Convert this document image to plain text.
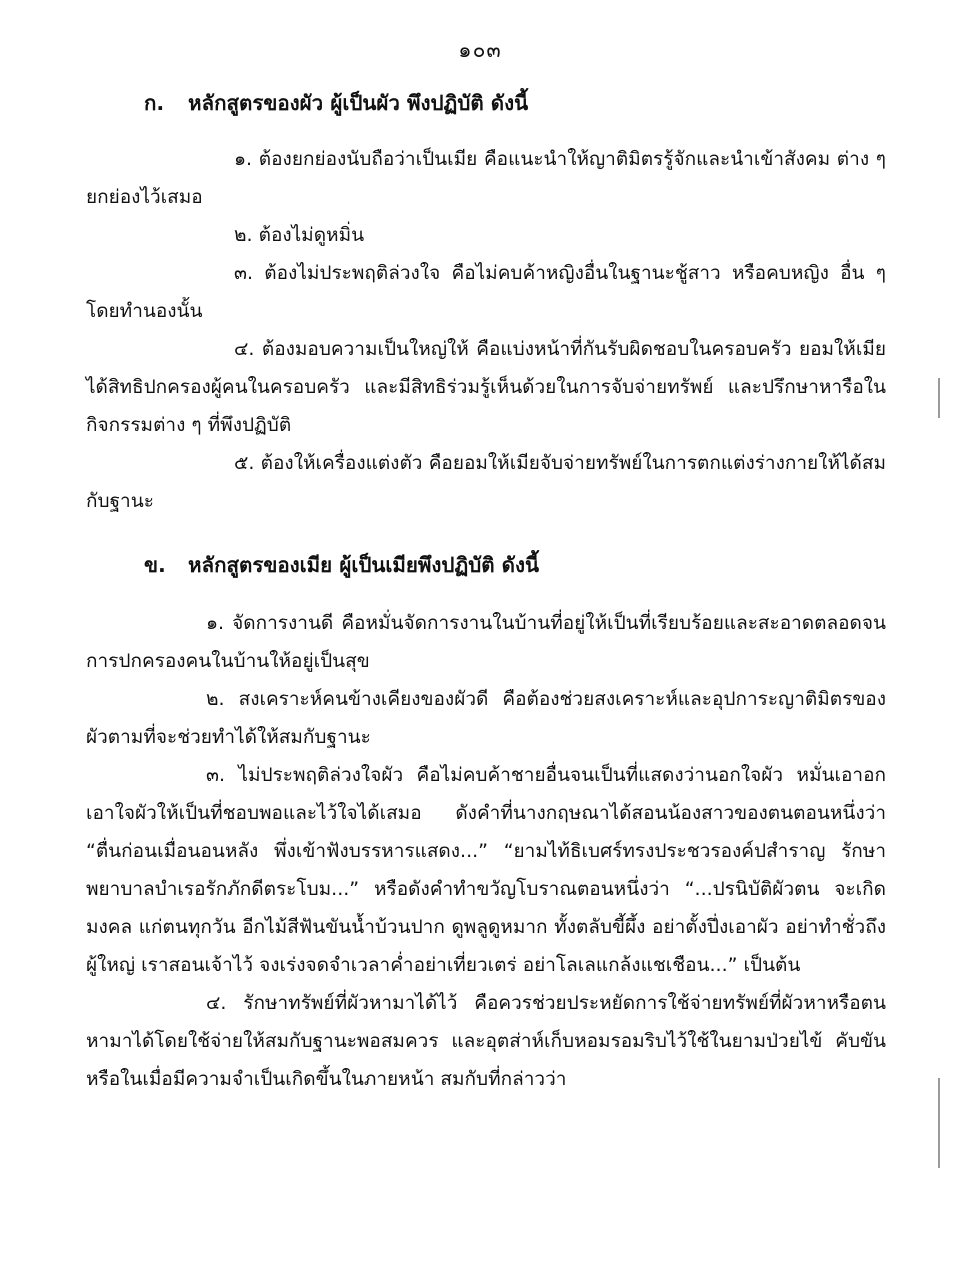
๑๐๓
ก. หลักสูตรของผัว ผู้เป็นผัว พึงปฏิบัติ ดังนี้

๑. ต้องยกย่องนับถือว่าเป็นเมีย คือแนะนำให้ญาติมิตรรู้จักและนำเข้าสังคม ต่าง ๆ ยกย่องไว้เสมอ

๒. ต้องไม่ดูหมิ่น

๓. ต้องไม่ประพฤติล่วงใจ คือไม่คบค้าหญิงอื่นในฐานะชู้สาว หรือคบหญิง อื่น ๆ โดยทำนองนั้น

๔. ต้องมอบความเป็นใหญ่ให้ คือแบ่งหน้าที่กันรับผิดชอบในครอบครัว ยอมให้เมียได้สิทธิปกครองผู้คนในครอบครัว และมีสิทธิร่วมรู้เห็นด้วยในการจับจ่ายทรัพย์ และปรึกษาหารือในกิจกรรมต่าง ๆ ที่พึงปฏิบัติ

๕. ต้องให้เครื่องแต่งตัว คือยอมให้เมียจับจ่ายทรัพย์ในการตกแต่งร่างกายให้ได้สมกับฐานะ

ข. หลักสูตรของเมีย ผู้เป็นเมียพึงปฏิบัติ ดังนี้

๑. จัดการงานดี คือหมั่นจัดการงานในบ้านที่อยู่ให้เป็นที่เรียบร้อยและสะอาดตลอดจนการปกครองคนในบ้านให้อยู่เป็นสุข

๒. สงเคราะห์คนข้างเคียงของผัวดี คือต้องช่วยสงเคราะห์และอุปการะญาติมิตรของผัวตามที่จะช่วยทำได้ให้สมกับฐานะ

๓. ไม่ประพฤติล่วงใจผัว คือไม่คบค้าชายอื่นจนเป็นที่แสดงว่านอกใจผัว หมั่นเอาอกเอาใจผัวให้เป็นที่ชอบพอและไว้ใจได้เสมอ ดังคำที่นางกฤษณาได้สอนน้องสาวของตนตอนหนึ่งว่า “ตื่นก่อนเมื่อนอนหลัง พึ่งเข้าฟังบรรหารแสดง...” “ยามไท้ธิเบศร์ทรงประชวรองค์ปสำราญ รักษาพยาบาลบำเรอรักภักดีตระโบม...” หรือดังคำทำขวัญโบราณตอนหนึ่งว่า “...ปรนิบัติผัวตน จะเกิดมงคล แก่ตนทุกวัน อีกไม้สีฟันขันน้ำบ้วนปาก ดูพลูดูหมาก ทั้งตลับขี้ผึ้ง อย่าตั้งปึ่งเอาผัว อย่าทำชั่วถึงผู้ใหญ่ เราสอนเจ้าไว้ จงเร่งจดจำเวลาค่ำอย่าเที่ยวเตร่ อย่าโลเลแกล้งแชเชือน...” เป็นต้น

๔. รักษาทรัพย์ที่ผัวหามาได้ไว้ คือควรช่วยประหยัดการใช้จ่ายทรัพย์ที่ผัวหาหรือตนหามาได้โดยใช้จ่ายให้สมกับฐานะพอสมควร และอุตส่าห์เก็บหอมรอมริบไว้ใช้ในยามป่วยไข้ คับขัน หรือในเมื่อมีความจำเป็นเกิดขึ้นในภายหน้า สมกับที่กล่าวว่า
